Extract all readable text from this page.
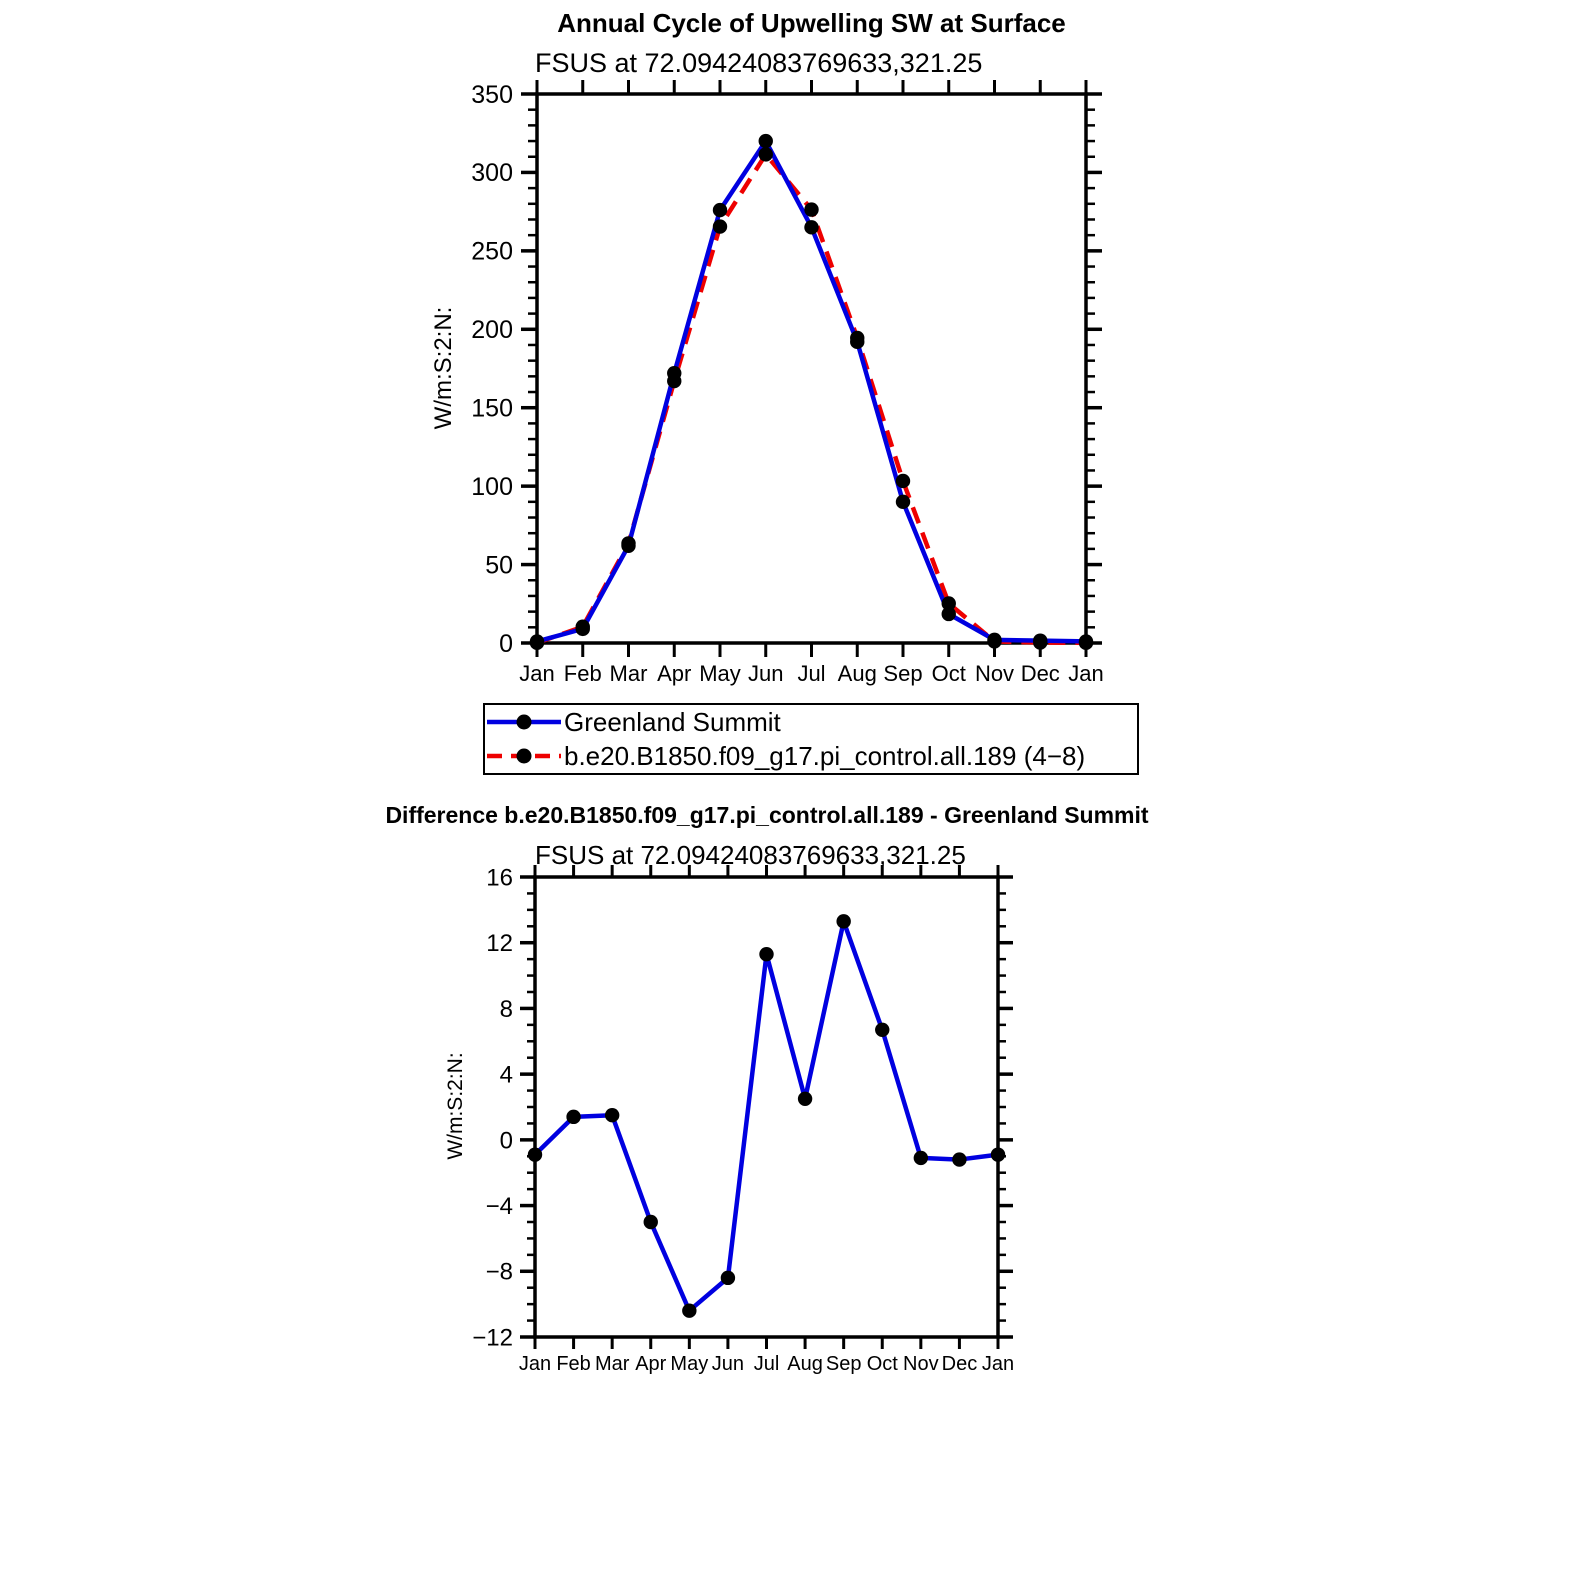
Annual Cycle of Upwelling SW at Surface
FSUS at 72.09424083769633,321.25
W/m:S:2:N:
0
50
100
150
200
250
300
350
Jan Feb Mar Apr May Jun Jul Aug Sep Oct Nov Dec Jan
−12
−8
−4
0
4
8
12
16
Jan Feb Mar Apr May Jun Jul Aug Sep Oct Nov Dec Jan
Greenland Summit
b.e20.B1850.f09_g17.pi_control.all.189 (4−8)
Difference b.e20.B1850.f09_g17.pi_control.all.189 - Greenland Summit
FSUS at 72.09424083769633,321.25
W/m:S:2:N:
